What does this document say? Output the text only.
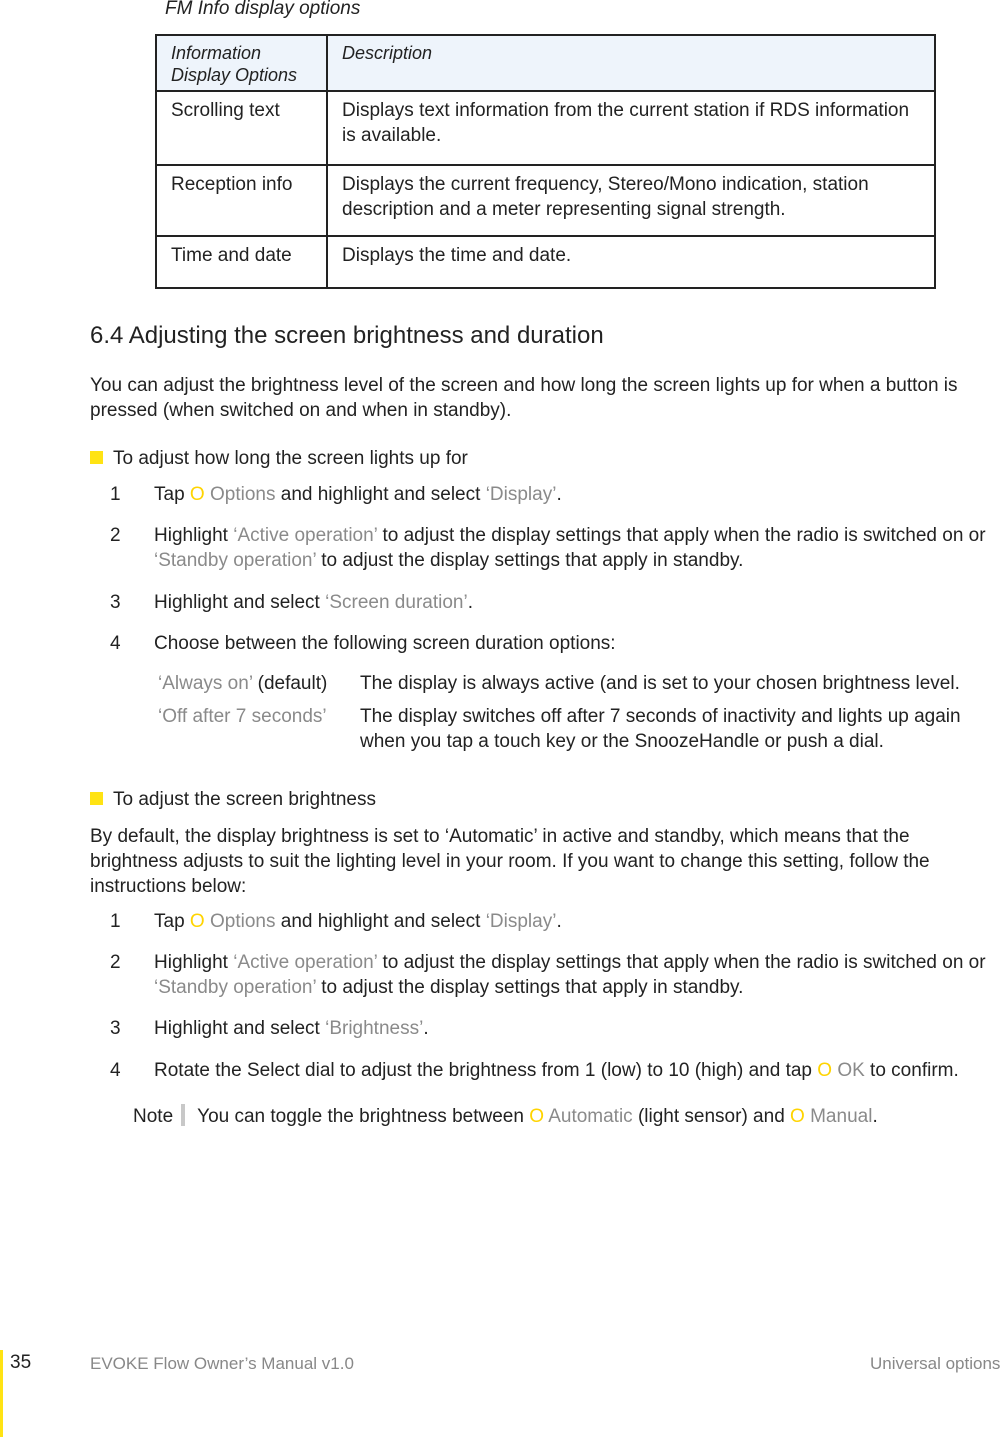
FM Info display options
Information Display Options	Description
Scrolling text	Displays text information from the current station if RDS information is available.
Reception info	Displays the current frequency, Stereo/Mono indication, station description and a meter representing signal strength.
Time and date	Displays the time and date.
6.4 Adjusting the screen brightness and duration
You can adjust the brightness level of the screen and how long the screen lights up for when a button is pressed (when switched on and when in standby).
To adjust how long the screen lights up for
1	Tap O Options and highlight and select ‘Display’.
2	Highlight ‘Active operation’ to adjust the display settings that apply when the radio is switched on or ‘Standby operation’ to adjust the display settings that apply in standby.
3	Highlight and select ‘Screen duration’.
4	Choose between the following screen duration options:
‘Always on’ (default) The display is always active (and is set to your chosen brightness level.
‘Off after 7 seconds’ The display switches off after 7 seconds of inactivity and lights up again when you tap a touch key or the SnoozeHandle or push a dial.
To adjust the screen brightness
By default, the display brightness is set to ‘Automatic’ in active and standby, which means that the brightness adjusts to suit the lighting level in your room. If you want to change this setting, follow the instructions below:
1	Tap O Options and highlight and select ‘Display’.
2	Highlight ‘Active operation’ to adjust the display settings that apply when the radio is switched on or ‘Standby operation’ to adjust the display settings that apply in standby.
3	Highlight and select ‘Brightness’.
4	Rotate the Select dial to adjust the brightness from 1 (low) to 10 (high) and tap O OK to confirm.
Note You can toggle the brightness between O Automatic (light sensor) and O Manual.
35	EVOKE Flow Owner’s Manual v1.0	Universal options
